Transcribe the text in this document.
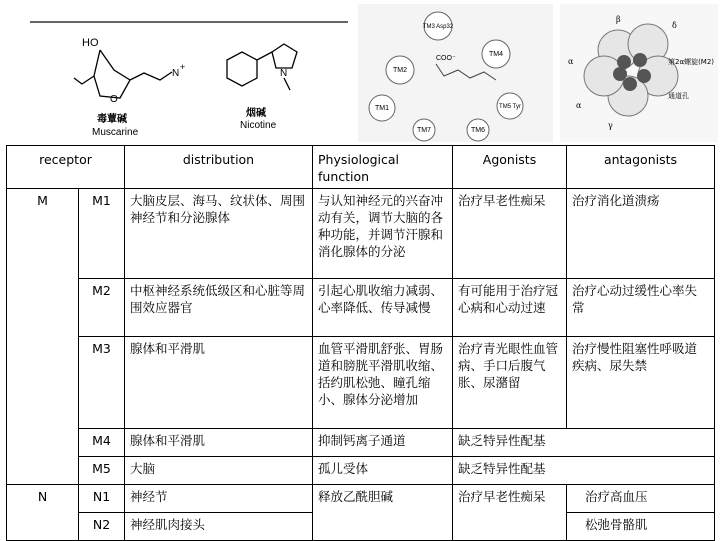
HO
O
N
+
毒蕈碱
Muscarine
N
烟碱
Nicotine
TM3 Asp32
TM2
TM4
TM1	TM5 Tyr
TM7	TM6
COO⁻
β
δ
α
γ
α
第2α螺旋(M2)
通道孔
receptor		distribution	Physiological function	Agonists	antagonists
M	M1	大脑皮层、海马、纹状体、周围神经节和分泌腺体	与认知神经元的兴奋冲动有关，调节大脑的各种功能，并调节汗腺和消化腺体的分泌	治疗早老性痴呆	治疗消化道溃疡
	M2	中枢神经系统低级区和心脏等周围效应器官	引起心肌收缩力减弱、心率降低、传导减慢	有可能用于治疗冠心病和心动过速	治疗心动过缓性心率失常
	M3	腺体和平滑肌	血管平滑肌舒张、胃肠道和膀胱平滑肌收缩、括约肌松弛、瞳孔缩小、腺体分泌增加	治疗青光眼性血管病、手口后腹气胀、尿潴留	治疗慢性阻塞性呼吸道疾病、尿失禁
	M4	腺体和平滑肌	抑制钙离子通道	缺乏特异性配基	
	M5	大脑	孤儿受体	缺乏特异性配基	
N	N1	神经节	释放乙酰胆碱	治疗早老性痴呆	治疗高血压
	N2	神经肌肉接头			松弛骨骼肌
